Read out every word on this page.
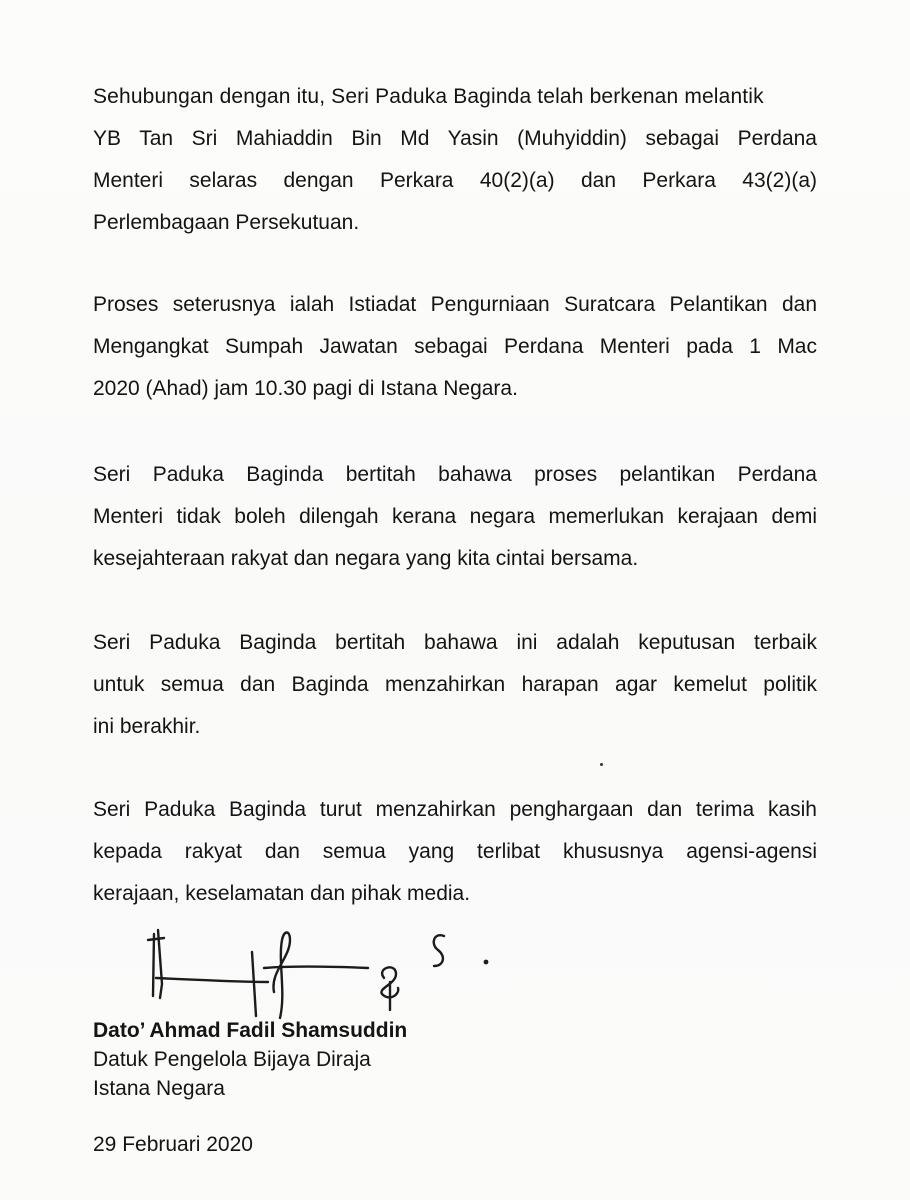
Sehubungan dengan itu, Seri Paduka Baginda telah berkenan melantik
YB Tan Sri Mahiaddin Bin Md Yasin (Muhyiddin) sebagai Perdana
Menteri selaras dengan Perkara 40(2)(a) dan Perkara 43(2)(a)
Perlembagaan Persekutuan.
Proses seterusnya ialah Istiadat Pengurniaan Suratcara Pelantikan dan
Mengangkat Sumpah Jawatan sebagai Perdana Menteri pada 1 Mac
2020 (Ahad) jam 10.30 pagi di Istana Negara.
Seri Paduka Baginda bertitah bahawa proses pelantikan Perdana
Menteri tidak boleh dilengah kerana negara memerlukan kerajaan demi
kesejahteraan rakyat dan negara yang kita cintai bersama.
Seri Paduka Baginda bertitah bahawa ini adalah keputusan terbaik
untuk semua dan Baginda menzahirkan harapan agar kemelut politik
ini berakhir.
Seri Paduka Baginda turut menzahirkan penghargaan dan terima kasih
kepada rakyat dan semua yang terlibat khususnya agensi-agensi
kerajaan, keselamatan dan pihak media.
Dato’ Ahmad Fadil Shamsuddin
Datuk Pengelola Bijaya Diraja
Istana Negara
29 Februari 2020
